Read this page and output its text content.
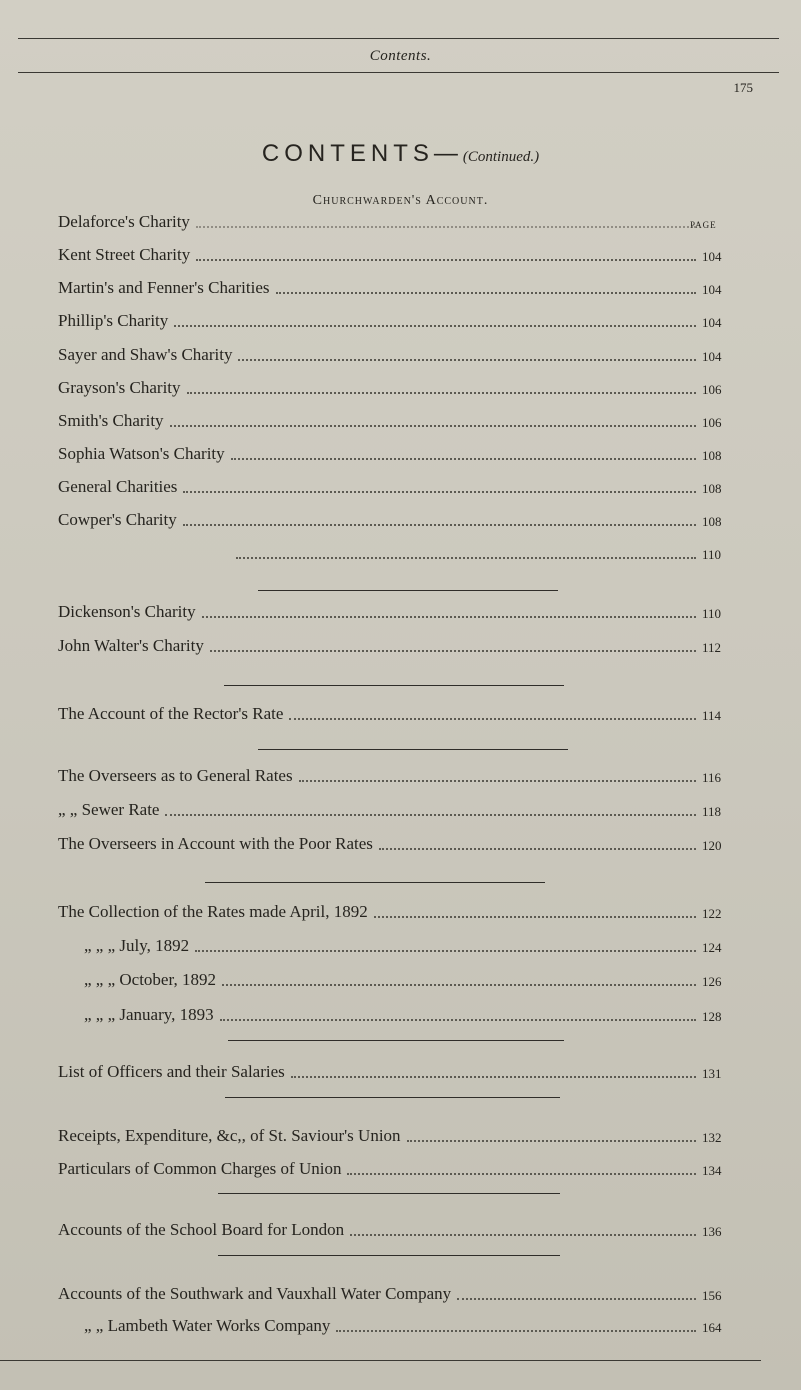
Contents.
175
CONTENTS—(Continued.)
Churchwarden's Account.
PAGE
Delaforce's Charity
Kent Street Charity	104
Martin's and Fenner's Charities	104
Phillip's Charity	104
Sayer and Shaw's Charity	104
Grayson's Charity	106
Smith's Charity	106
Sophia Watson's Charity	108
General Charities	108
Cowper's Charity	108
110
Dickenson's Charity	110
John Walter's Charity	112
The Account of the Rector's Rate	114
The Overseers as to General Rates	116
„ „ Sewer Rate	118
The Overseers in Account with the Poor Rates	120
The Collection of the Rates made April, 1892	122
„ „ „ July, 1892	124
„ „ „ October, 1892	126
„ „ „ January, 1893	128
List of Officers and their Salaries	131
Receipts, Expenditure, &c,, of St. Saviour's Union	132
Particulars of Common Charges of Union	134
Accounts of the School Board for London	136
Accounts of the Southwark and Vauxhall Water Company	156
„ „ Lambeth Water Works Company	164
